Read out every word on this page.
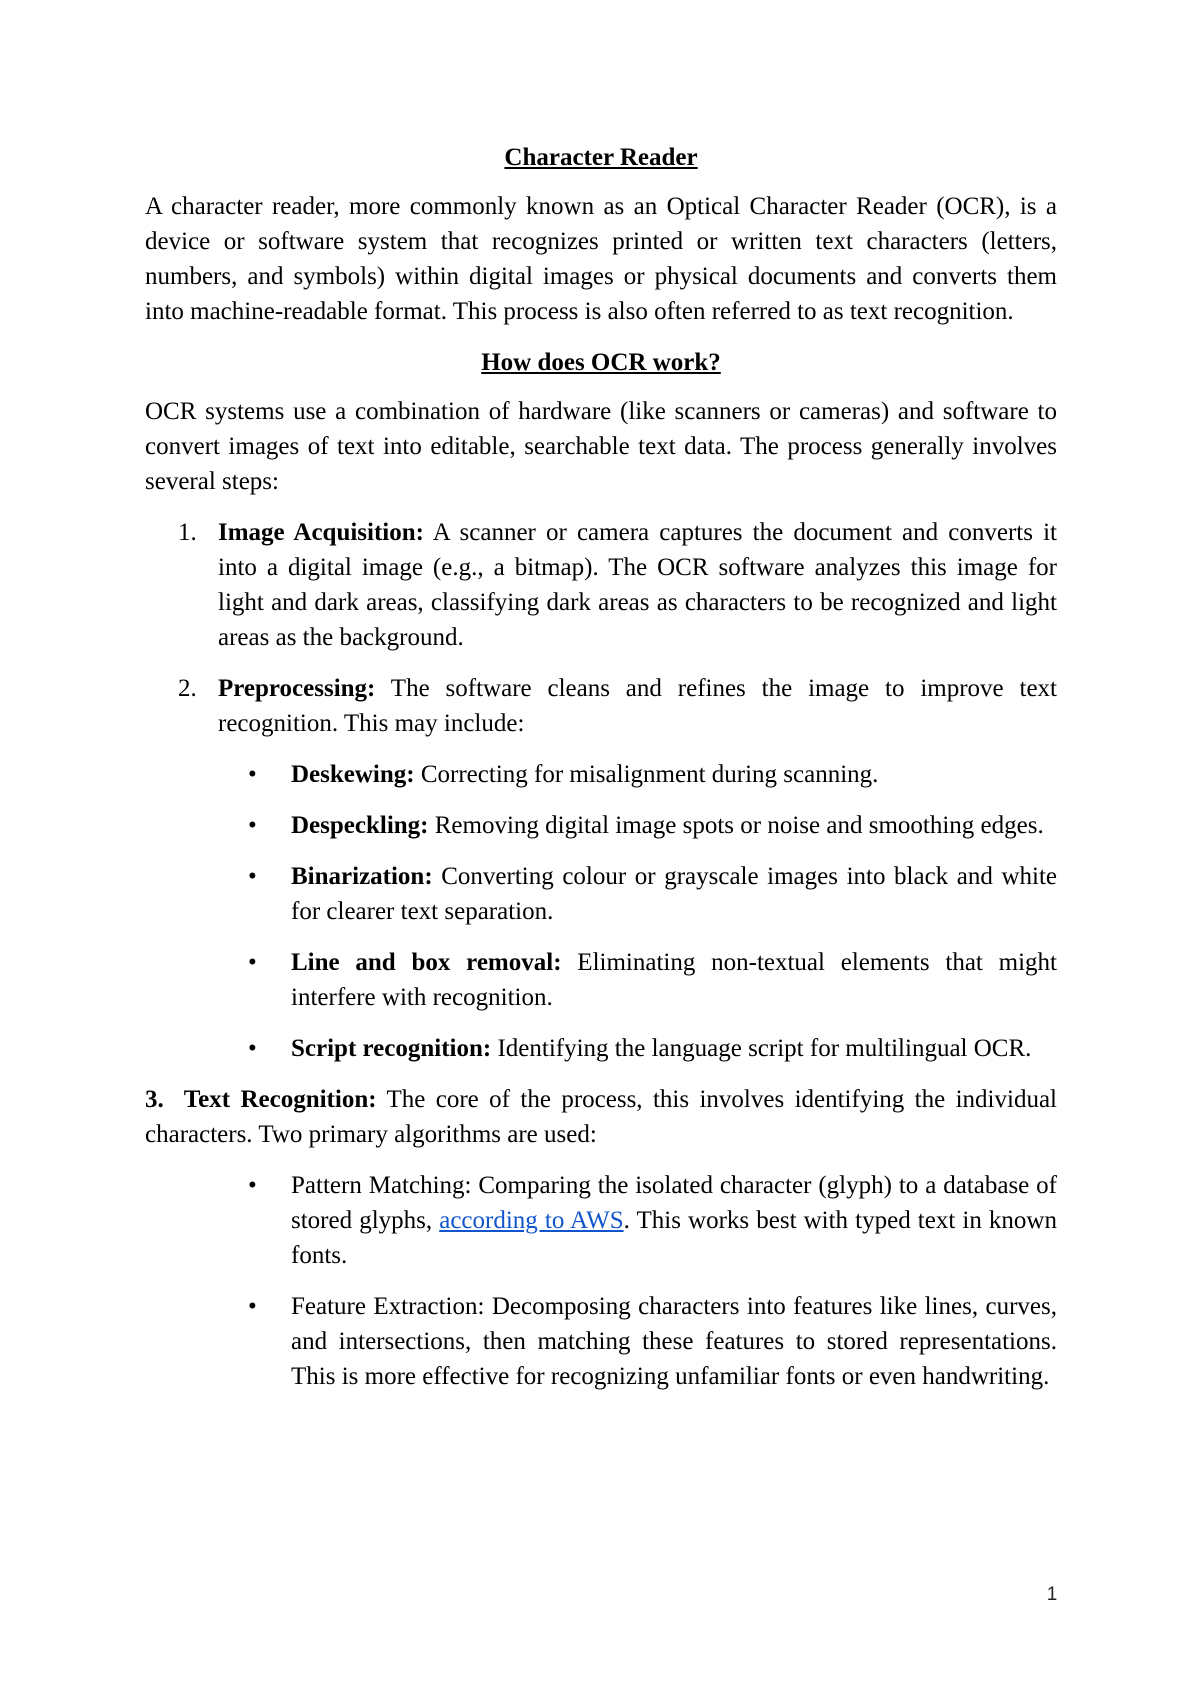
Character Reader

A character reader, more commonly known as an Optical Character Reader (OCR), is a device or software system that recognizes printed or written text characters (letters, numbers, and symbols) within digital images or physical documents and converts them into machine-readable format. This process is also often referred to as text recognition.

How does OCR work?

OCR systems use a combination of hardware (like scanners or cameras) and software to convert images of text into editable, searchable text data. The process generally involves several steps:

1. Image Acquisition: A scanner or camera captures the document and converts it into a digital image (e.g., a bitmap). The OCR software analyzes this image for light and dark areas, classifying dark areas as characters to be recognized and light areas as the background.
2. Preprocessing: The software cleans and refines the image to improve text recognition. This may include:
• Deskewing: Correcting for misalignment during scanning.
• Despeckling: Removing digital image spots or noise and smoothing edges.
• Binarization: Converting colour or grayscale images into black and white for clearer text separation.
• Line and box removal: Eliminating non-textual elements that might interfere with recognition.
• Script recognition: Identifying the language script for multilingual OCR.
3. Text Recognition: The core of the process, this involves identifying the individual characters. Two primary algorithms are used:
• Pattern Matching: Comparing the isolated character (glyph) to a database of stored glyphs, according to AWS. This works best with typed text in known fonts.
• Feature Extraction: Decomposing characters into features like lines, curves, and intersections, then matching these features to stored representations. This is more effective for recognizing unfamiliar fonts or even handwriting.
1
